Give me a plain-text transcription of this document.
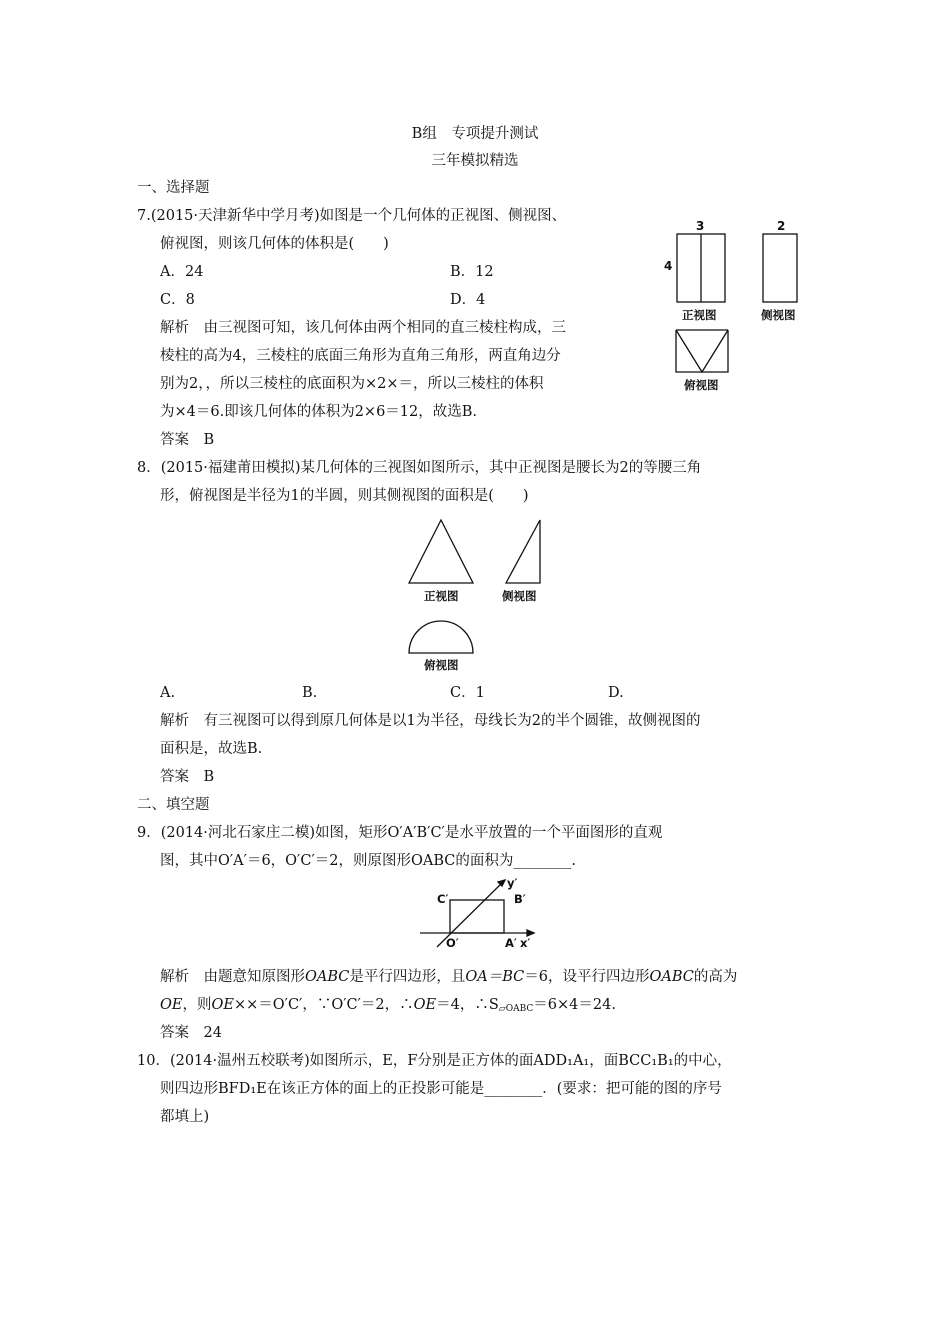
B组　专项提升测试
三年模拟精选
一、选择题
7.(2015·天津新华中学月考)如图是一个几何体的正视图、侧视图、
俯视图，则该几何体的体积是(　　)
A．24	B．12
C．8	D．4
解析　由三视图可知，该几何体由两个相同的直三棱柱构成，三
棱柱的高为4，三棱柱的底面三角形为直角三角形，两直角边分
别为2，，所以三棱柱的底面积为×2×＝，所以三棱柱的体积
为×4＝6.即该几何体的体积为2×6＝12，故选B.
答案　B
3	2
4
正视图	侧视图
俯视图
8．(2015·福建莆田模拟)某几何体的三视图如图所示，其中正视图是腰长为2的等腰三角
形，俯视图是半径为1的半圆，则其侧视图的面积是(　　)
正视图	侧视图
俯视图
A.	B.	C．1	D.
解析　有三视图可以得到原几何体是以1为半径，母线长为2的半个圆锥，故侧视图的
面积是，故选B.
答案　B
二、填空题
9．(2014·河北石家庄二模)如图，矩形O′A′B′C′是水平放置的一个平面图形的直观
图，其中O′A′＝6，O′C′＝2，则原图形OABC的面积为________.
C′	B′
O′	A′ x′
y′
解析　由题意知原图形OABC是平行四边形，且OA＝BC＝6，设平行四边形OABC的高为
OE，则OE××＝O′C′，∵O′C′＝2，∴OE＝4，$\therefore S_{▱OABC}=6\times 4=24$.
答案　24
10．(2014·温州五校联考)如图所示，E，F分别是正方体的面ADD₁A₁，面BCC₁B₁的中心，
则四边形BFD₁E在该正方体的面上的正投影可能是________．(要求：把可能的图的序号
都填上)
